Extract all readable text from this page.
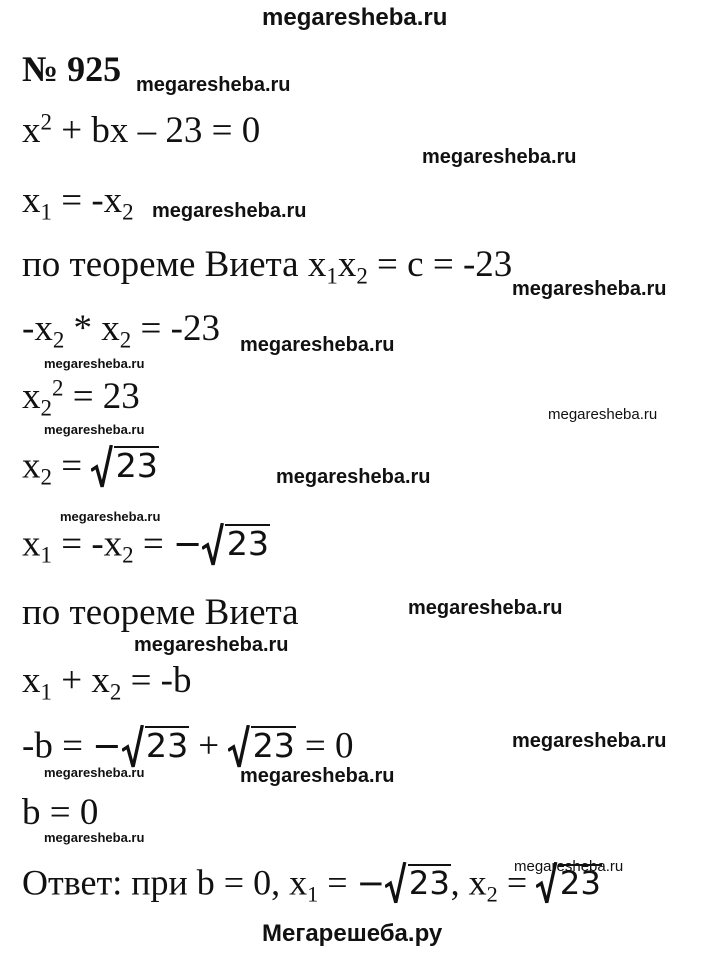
megaresheba.ru
№ 925
$x^2$ + bx – 23 = 0
$x_1 = -x_2$
по теореме Виета $x_1x_2 = c = -23$
$-x_2 * x_2 = -23$
$x_2^2 = 23$
$x_2$ =
23
$x_1 = -x_2$ = − 23
по теореме Виета
$x_1 + x_2 = -b$
-b = − 23 +
23 = 0
b = 0
Ответ: при b = 0, $x_1$ = − 23, $x_2$ =
23
megaresheba.ru
megaresheba.ru
megaresheba.ru
megaresheba.ru
megaresheba.ru
megaresheba.ru
megaresheba.ru
megaresheba.ru
megaresheba.ru
megaresheba.ru
megaresheba.ru
megaresheba.ru
megaresheba.ru
megaresheba.ru
megaresheba.ru
megaresheba.ru
megaresheba.ru
Мегарешеба.ру
